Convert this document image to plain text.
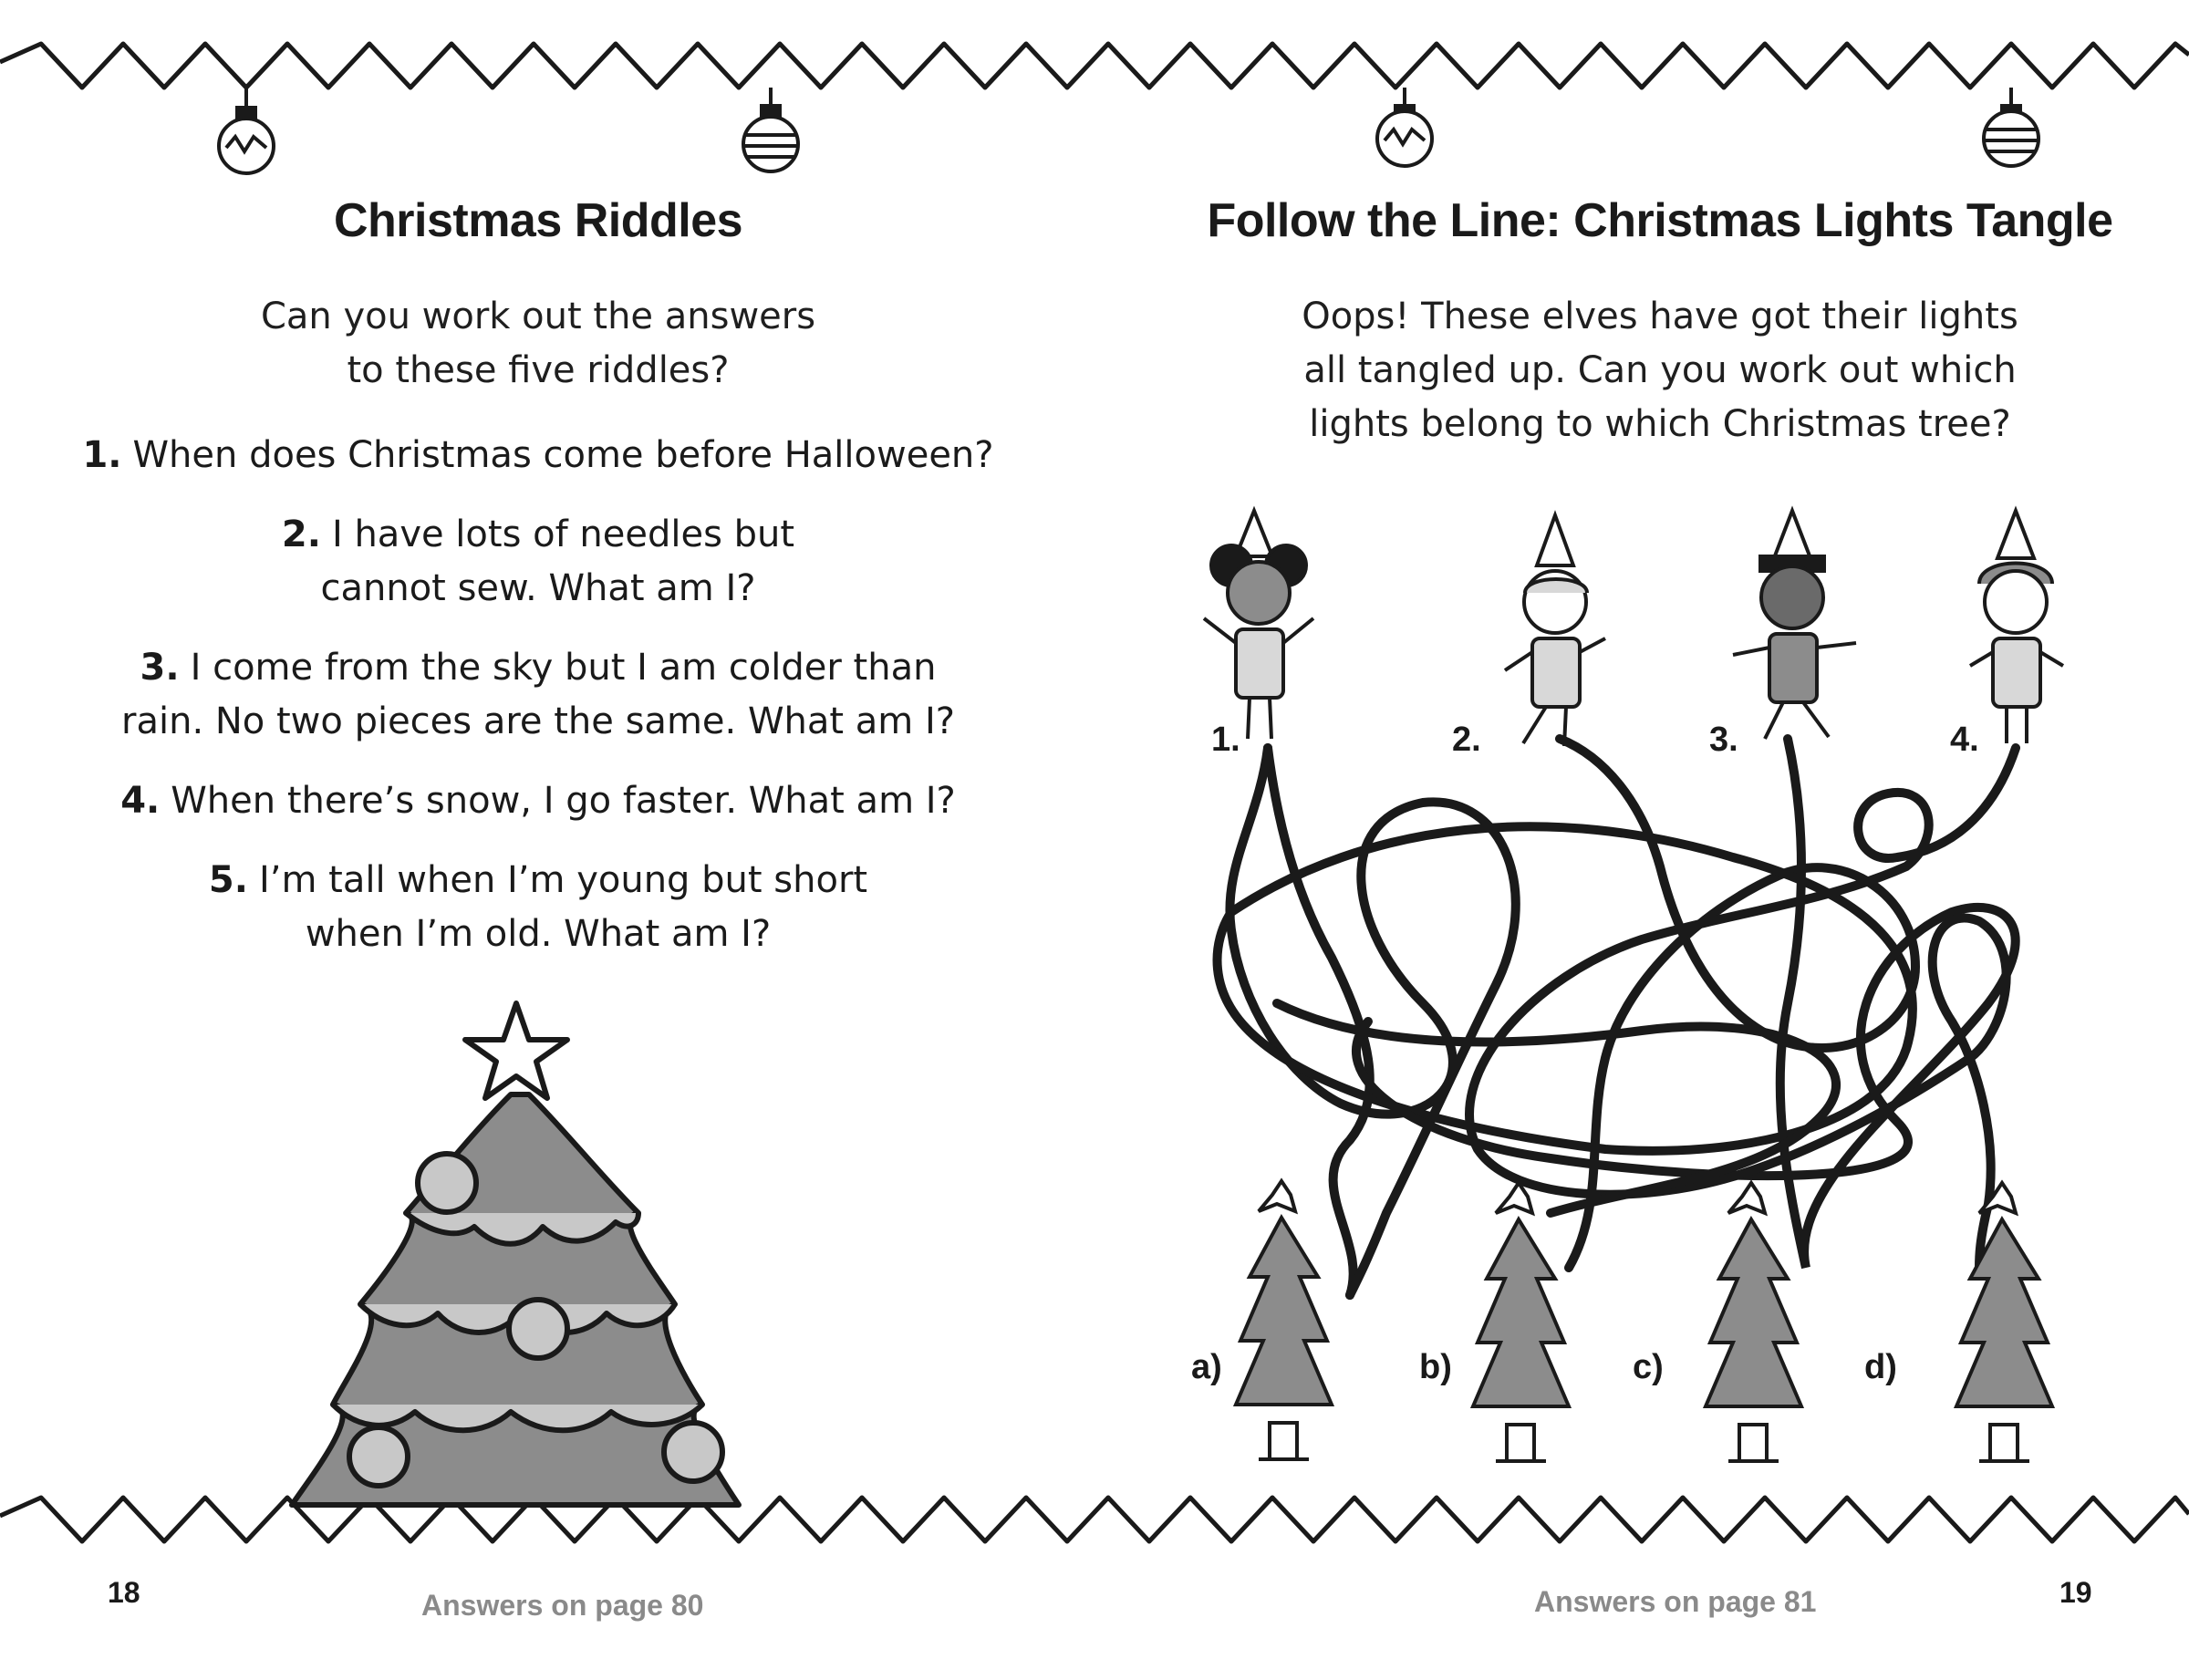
Christmas Riddles
Can you work out the answers
to these five riddles?
1. When does Christmas come before Halloween?
2. I have lots of needles but
cannot sew. What am I?
3. I come from the sky but I am colder than
rain. No two pieces are the same. What am I?
4. When there’s snow, I go faster. What am I?
5. I’m tall when I’m young but short
when I’m old. What am I?
18	Answers on page 80
Follow the Line: Christmas Lights Tangle
Oops! These elves have got their lights
all tangled up. Can you work out which
lights belong to which Christmas tree?
1.	2.	3.	4.
a)	b)	c)	d)
Answers on page 81	19
